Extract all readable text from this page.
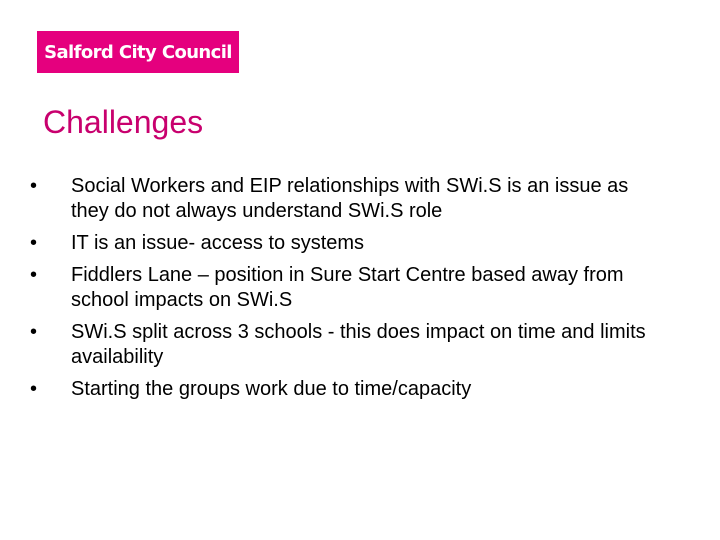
Salford City Council
Challenges
•	Social Workers and EIP relationships with SWi.S is an issue as they do not always understand SWi.S role
•	IT is an issue- access to systems
•	Fiddlers Lane – position in Sure Start Centre based away from school impacts on SWi.S
•	SWi.S split across 3 schools - this does impact on time and limits availability
•	Starting the groups work due to time/capacity
